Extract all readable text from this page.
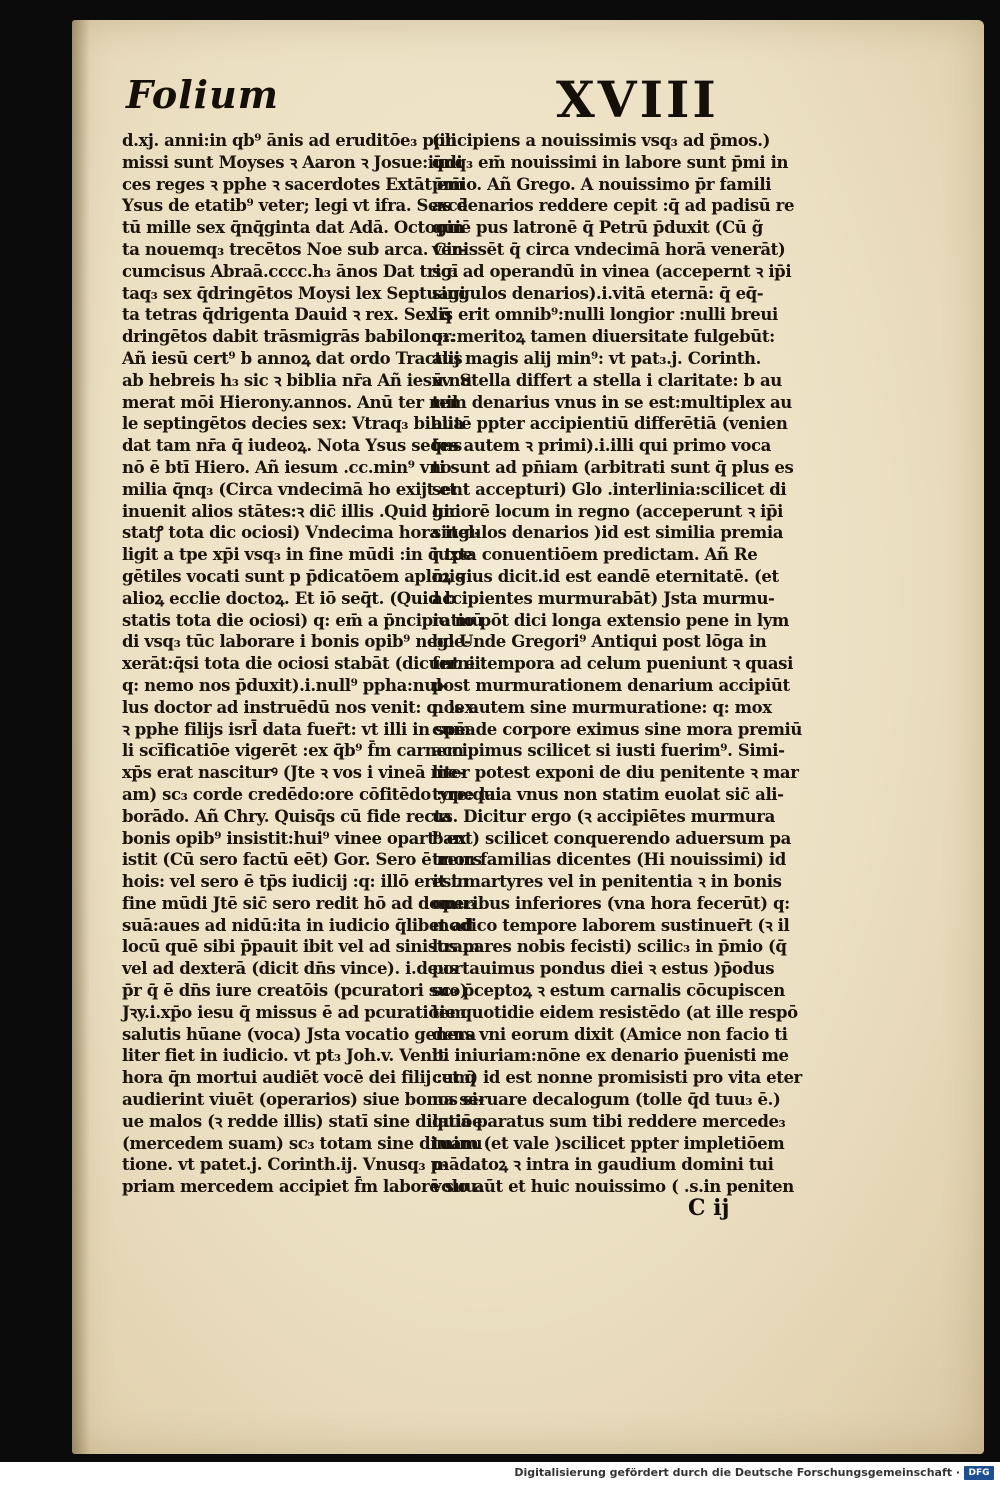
Folium	XVIII
d.xj. anni:in qb⁹ ānis ad eruditōe₃ ppli
missi sunt Moyses ꝛ Aaron ꝛ Josue:iudi
ces reges ꝛ pphe ꝛ sacerdotes Extāt em̄
Ysus de etatib⁹ veter; legi vt ifra. Sexcē
tū mille sex q̄nq̄ginta dat Adā. Octogin
ta nouemq₃ trecētos Noe sub arca. Cir-
cumcisus Abraā.cccc.h₃ ānos Dat trigī
taq₃ sex q̄dringētos Moysi lex Septuagi
ta tetras q̄drigenta Dauid ꝛ rex. Sex q̄
dringētos dabit trāsmigrās babilonq₃.
Añ iesū cert⁹ b annoꝝ dat ordo Tractus
ab hebreis h₃ sic ꝛ biblia nr̄a Añ iesū nu
merat mōi Hierony.annos. Anū ter mil
le septingētos decies sex: Vtraq₃ biblia
dat tam nr̄a q̄ iudeoꝝ. Nota Ysus seq̄ns
nō ē btī Hiero. Añ iesum .cc.min⁹ vno
milia q̄nq₃ (Circa vndecimā ho exijt et
inuenit alios stātes:ꝛ dic̄ illis .Quid hic
statꝭ tota dic ociosi) Vndecima hora itel-
ligit a tpe xp̄i vsq₃ in fine mūdi :in q̄ tpe
gētiles vocati sunt p p̄dicatōem aplōꝝ ꝛ
alioꝝ ecclie doctoꝝ. Et iō seq̄t. (Quid b
statis tota die ociosi) q: em̄ a p̄ncipio mū
di vsq₃ tūc laborare i bonis opib⁹ negle-
xerāt:q̄si tota die ociosi stabāt (dicunt ei:
q: nemo nos p̄duxit).i.null⁹ ppha:nul-
lus doctor ad instruēdū nos venit: q: lex
ꝛ pphe filijs isrl̄ data fuer̄t: vt illi in spēa
li scīficatiōe vigerēt :ex q̄b⁹ f̄m carnem
xp̄s erat nasciturꝰ (Jte ꝛ vos i vineā me-
am) sc₃ corde credēdo:ore cōfitēdo :ope la
borādo. Añ Chry. Quisq̄s cū fide recta
bonis opib⁹ insistit:hui⁹ vinee opart⁹ ex
istit (Cū sero factū eēt) Gor. Sero ē mors
hois: vel sero ē tp̄s iudicij :q: illō erit in
fine mūdi Jtē sic̄ sero redit hō ad domu₃
suā:aues ad nidū:ita in iudicio q̄libet ad
locū quē sibi p̄pauit ibit vel ad sinistram
vel ad dexterā (dicit dn̄s vince). i.deus
p̄r q̄ ē dn̄s iure creatōis (pcuratori suo)
Jꝛy.i.xp̄o iesu q̄ missus ē ad pcuratiōem
salutis hūane (voca) Jsta vocatio genera
liter fiet in iudicio. vt pt₃ Joh.v. Venit
hora q̄n mortui audiēt vocē dei filij :et q̄
audierint viuēt (operarios) siue bonos si-
ue malos (ꝛ redde illis) statī sine dilatiōe
(mercedem suam) sc₃ totam sine diminu
tione. vt patet.j. Corinth.ij. Vnusq₃ p-
priam mercedem accipiet f̄m laborē suu₃
(incipiens a nouissimis vsq₃ ad p̄mos.)
q̄nq₃ em̄ nouissimi in labore sunt p̄mi in
p̄mio. Añ Grego. A nouissimo p̄r famili
as denarios reddere cepit :q̄ ad padisū re
quiē pus latronē q̄ Petrū p̄duxit (Cū g̃
venissēt q̄ circa vndecimā horā venerāt)
sc₃ ad operandū in vinea (accepernt ꝛ ip̄i
singulos denarios).i.vitā eternā: q̄ eq̄-
lis erit omnib⁹:nulli longior :nulli breui
or:meritoꝝ tamen diuersitate fulgebūt:
alij magis alij min⁹: vt pat₃.j. Corinth.
xv. Stella differt a stella i claritate: b au
tem denarius vnus in se est:multiplex au
autē ppter accipientiū differētiā (venien
tes autem ꝛ primi).i.illi qui primo voca
ti sunt ad pn̄iam (arbitrati sunt q̄ plus es
sent accepturi) Glo .interlinia:scilicet di
gniorē locum in regno (acceperunt ꝛ ip̄i
singulos denarios )id est similia premia
iuxta conuentiōem predictam. Añ Re
migius dicit.id est eandē eternitatē. (et
accipientes murmurabāt) Jsta murmu-
ratio pōt dici longa extensio pene in lym
bo Unde Gregori⁹ Antiqui post lōga in
ferni tempora ad celum pueniunt ꝛ quasi
post murmurationem denarium accipiūt
nos autem sine murmuratione: q: mox
cum de corpore eximus sine mora premiū
accipimus scilicet si iusti fuerim⁹. Simi-
liter potest exponi de diu penitente ꝛ mar
tyre:quia vnus non statim euolat sic̄ ali-
us. Dicitur ergo (ꝛ accipiētes murmura
bant) scilicet conquerendo aduersum pa
trem familias dicentes (Hi nouissimi) id
est martyres vel in penitentia ꝛ in bonis
operibus inferiores (vna hora fecerūt) q:
modico tempore laborem sustinuer̄t (ꝛ il
los pares nobis fecisti) scilic₃ in p̄mio (q̄
portauimus pondus diei ꝛ estus )p̄odus
sc₃ p̄ceptoꝝ ꝛ estum carnalis cōcupiscen
tie quotidie eidem resistēdo (at ille respō
dens vni eorum dixit (Amice non facio ti
bi iniuriam:nōne ex denario p̄uenisti me
cum) id est nonne promisisti pro vita eter
na seruare decalogum (tolle q̄d tuu₃ ē.)
quia paratus sum tibi reddere mercede₃
tuam (et vale )scilicet ppter impletiōem
mādatoꝝ ꝛ intra in gaudium domini tui
volo aūt et huic nouissimo ( .s.in peniten
C ij
Digitalisierung gefördert durch die Deutsche Forschungsgemeinschaft · DFG
